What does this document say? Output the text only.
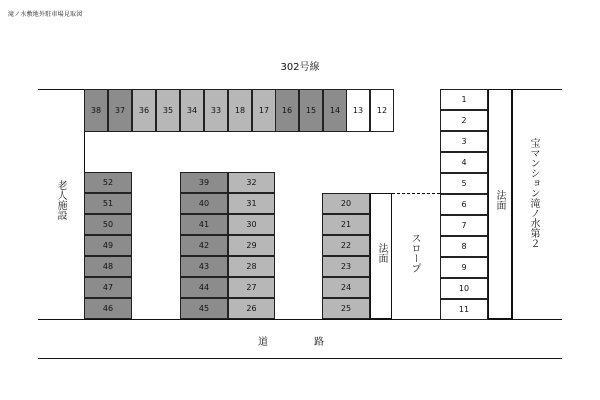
滝ノ水敷地外駐車場見取図
302号線
老人施設	宝マンション滝ノ水第２
法面
法面
スロープ
道　路
38	37	36	35	34	33	18	17	16	15	14	13	12
1
2
3
4
5
6
7
8
9
10
11
52
51
50
49
48
47
46
39
40
41
42
43
44
45
32
31
30
29
28
27
26
20
21
22
23
24
25
